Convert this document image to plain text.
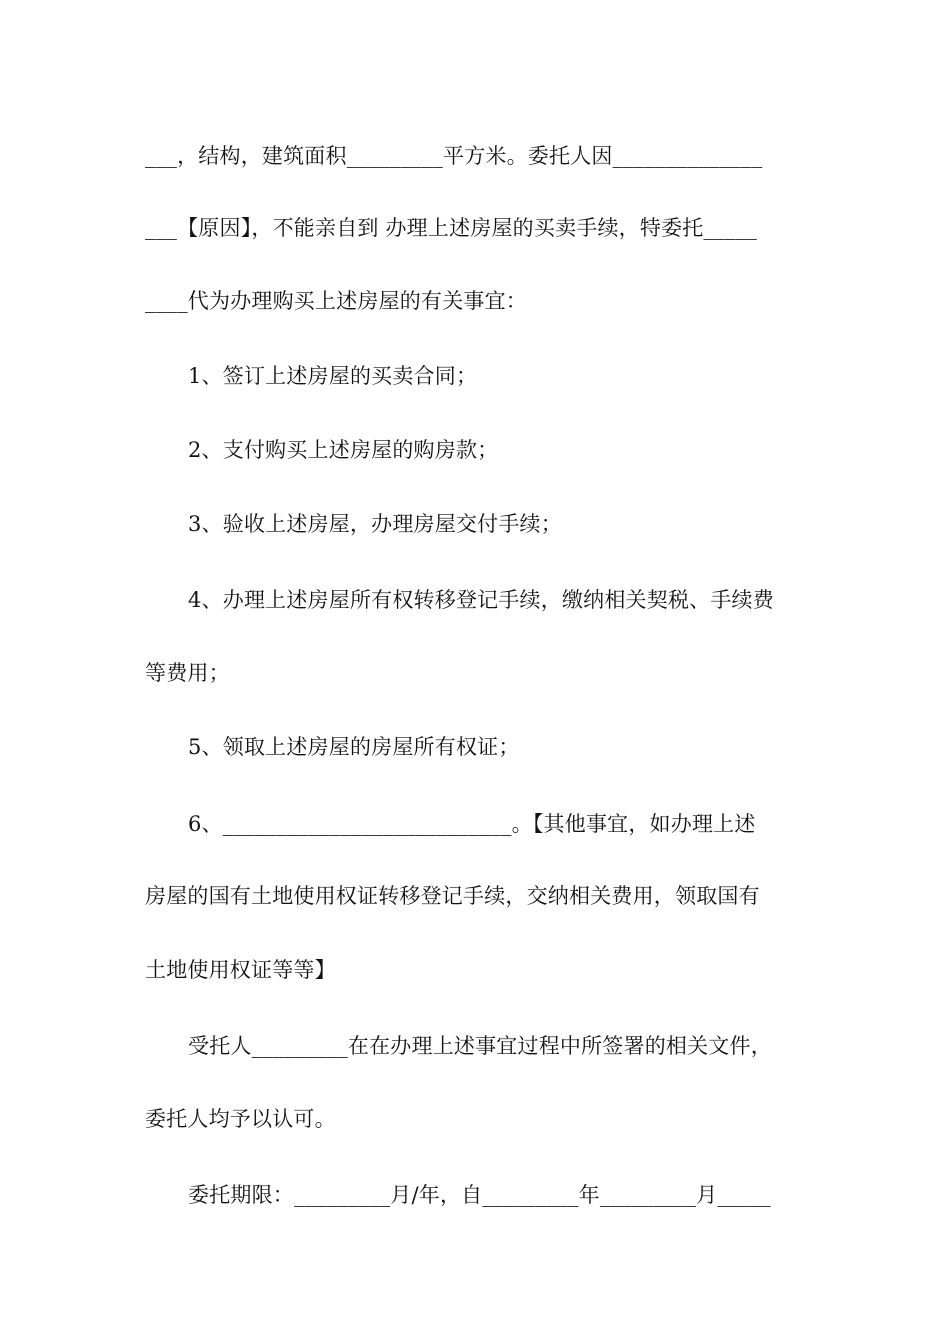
___，结构，建筑面积_________平方米。委托人因______________
___【原因】，不能亲自到 办理上述房屋的买卖手续，特委托_____
____代为办理购买上述房屋的有关事宜：
1、签订上述房屋的买卖合同；
2、支付购买上述房屋的购房款；
3、验收上述房屋，办理房屋交付手续；
4、办理上述房屋所有权转移登记手续，缴纳相关契税、手续费
等费用；
5、领取上述房屋的房屋所有权证；
6、___________________________。【其他事宜，如办理上述
房屋的国有土地使用权证转移登记手续，交纳相关费用，领取国有
土地使用权证等等】
受托人_________在在办理上述事宜过程中所签署的相关文件，
委托人均予以认可。
委托期限：_________月/年，自_________年_________月_____
